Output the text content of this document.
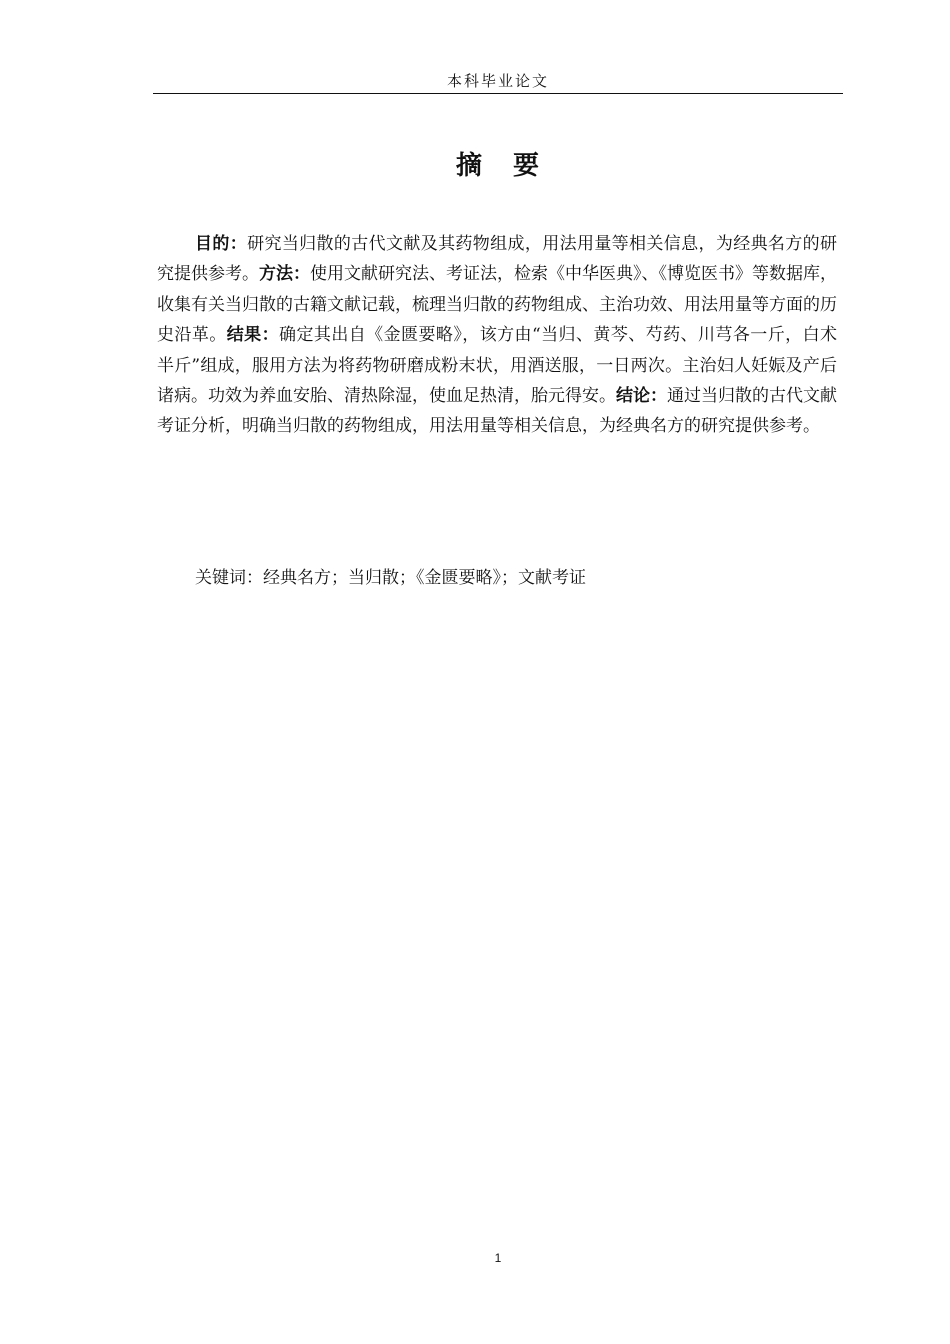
本科毕业论文
摘 要

目的：研究当归散的古代文献及其药物组成，用法用量等相关信息，为经典名方的研究提供参考。方法：使用文献研究法、考证法，检索《中华医典》、《博览医书》等数据库，收集有关当归散的古籍文献记载，梳理当归散的药物组成、主治功效、用法用量等方面的历史沿革。结果：确定其出自《金匮要略》，该方由“当归、黄芩、芍药、川芎各一斤，白术半斤”组成，服用方法为将药物研磨成粉末状，用酒送服，一日两次。主治妇人妊娠及产后诸病。功效为养血安胎、清热除湿，使血足热清，胎元得安。结论：通过当归散的古代文献考证分析，明确当归散的药物组成，用法用量等相关信息，为经典名方的研究提供参考。

关键词：经典名方；当归散；《金匮要略》；文献考证

1
